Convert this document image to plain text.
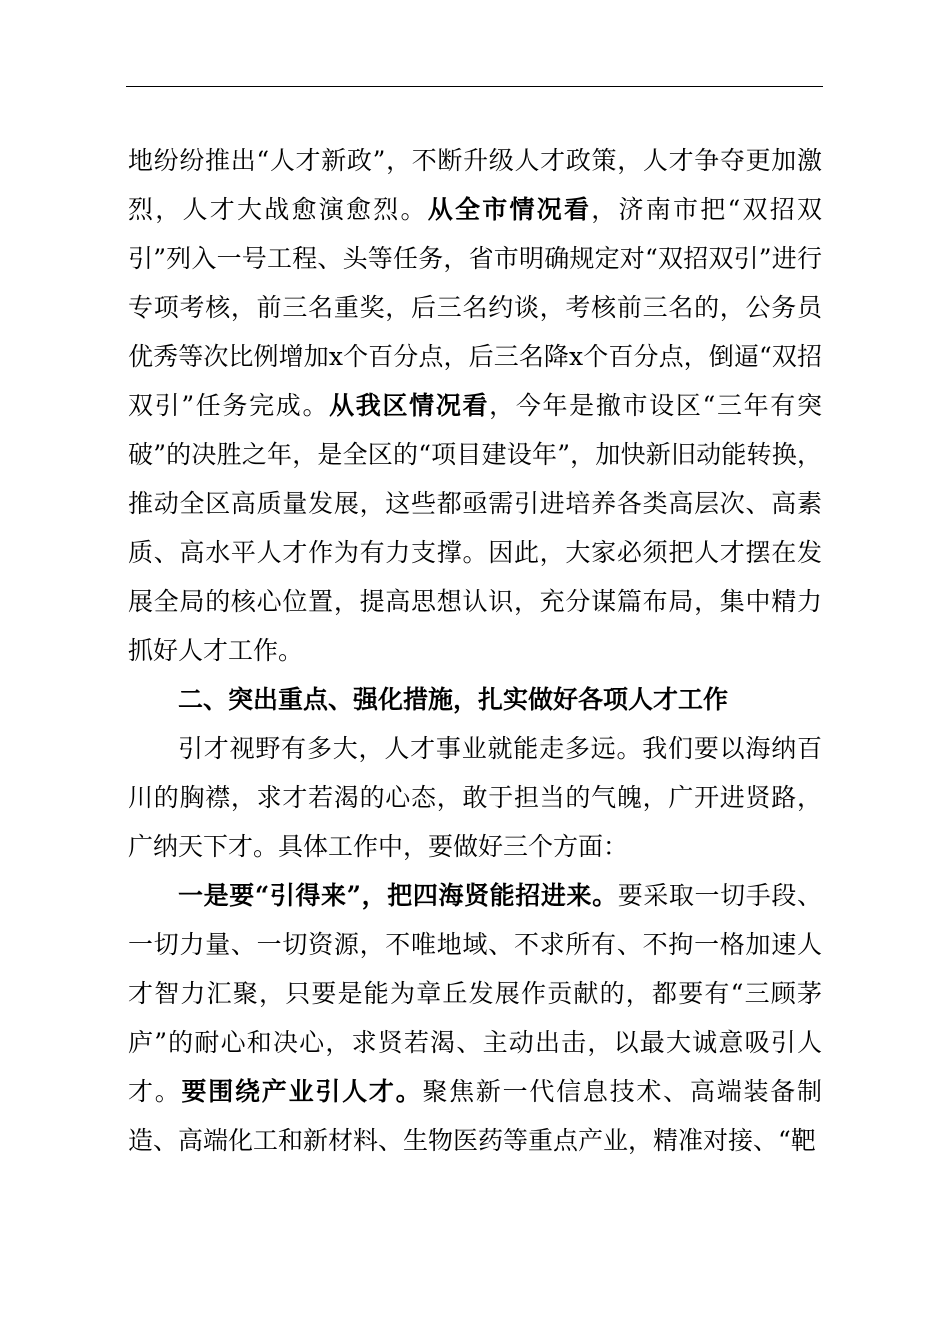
地纷纷推出“人才新政”，不断升级人才政策，人才争夺更加激烈，人才大战愈演愈烈。从全市情况看，济南市把“双招双引”列入一号工程、头等任务，省市明确规定对“双招双引”进行专项考核，前三名重奖，后三名约谈，考核前三名的，公务员优秀等次比例增加x个百分点，后三名降x个百分点，倒逼“双招双引”任务完成。从我区情况看，今年是撤市设区“三年有突破”的决胜之年，是全区的“项目建设年”，加快新旧动能转换，推动全区高质量发展，这些都亟需引进培养各类高层次、高素质、高水平人才作为有力支撑。因此，大家必须把人才摆在发展全局的核心位置，提高思想认识，充分谋篇布局，集中精力抓好人才工作。

二、突出重点、强化措施，扎实做好各项人才工作

引才视野有多大，人才事业就能走多远。我们要以海纳百川的胸襟，求才若渴的心态，敢于担当的气魄，广开进贤路，广纳天下才。具体工作中，要做好三个方面：

一是要“引得来”，把四海贤能招进来。要采取一切手段、一切力量、一切资源，不唯地域、不求所有、不拘一格加速人才智力汇聚，只要是能为章丘发展作贡献的，都要有“三顾茅庐”的耐心和决心，求贤若渴、主动出击，以最大诚意吸引人才。要围绕产业引人才。聚焦新一代信息技术、高端装备制造、高端化工和新材料、生物医药等重点产业，精准对接、“靶
